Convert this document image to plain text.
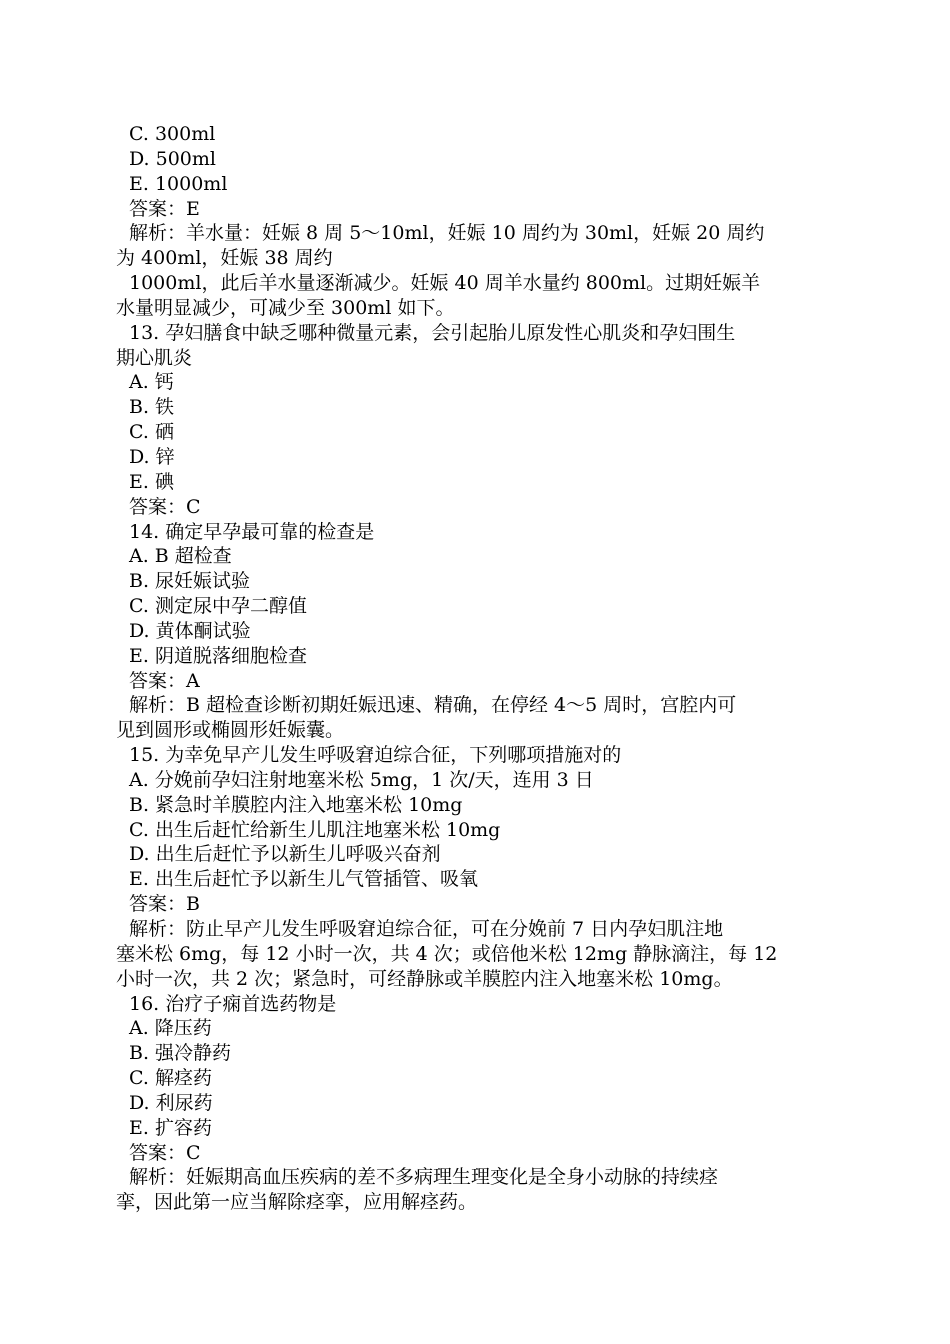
C. 300ml
D. 500ml
E. 1000ml
答案：E
解析：羊水量：妊娠 8 周 5～10ml，妊娠 10 周约为 30ml，妊娠 20 周约
为 400ml，妊娠 38 周约
1000ml，此后羊水量逐渐减少。妊娠 40 周羊水量约 800ml。过期妊娠羊
水量明显减少，可减少至 300ml 如下。
13. 孕妇膳食中缺乏哪种微量元素，会引起胎儿原发性心肌炎和孕妇围生
期心肌炎
A. 钙
B. 铁
C. 硒
D. 锌
E. 碘
答案：C
14. 确定早孕最可靠的检查是
A. B 超检查
B. 尿妊娠试验
C. 测定尿中孕二醇值
D. 黄体酮试验
E. 阴道脱落细胞检查
答案：A
解析：B 超检查诊断初期妊娠迅速、精确，在停经 4～5 周时，宫腔内可
见到圆形或椭圆形妊娠囊。
15. 为幸免早产儿发生呼吸窘迫综合征，下列哪项措施对的
A. 分娩前孕妇注射地塞米松 5mg，1 次/天，连用 3 日
B. 紧急时羊膜腔内注入地塞米松 10mg
C. 出生后赶忙给新生儿肌注地塞米松 10mg
D. 出生后赶忙予以新生儿呼吸兴奋剂
E. 出生后赶忙予以新生儿气管插管、吸氧
答案：B
解析：防止早产儿发生呼吸窘迫综合征，可在分娩前 7 日内孕妇肌注地
塞米松 6mg，每 12 小时一次，共 4 次；或倍他米松 12mg 静脉滴注，每 12
小时一次，共 2 次；紧急时，可经静脉或羊膜腔内注入地塞米松 10mg。
16. 治疗子痫首选药物是
A. 降压药
B. 强冷静药
C. 解痉药
D. 利尿药
E. 扩容药
答案：C
解析：妊娠期高血压疾病的差不多病理生理变化是全身小动脉的持续痉
挛，因此第一应当解除痉挛，应用解痉药。
